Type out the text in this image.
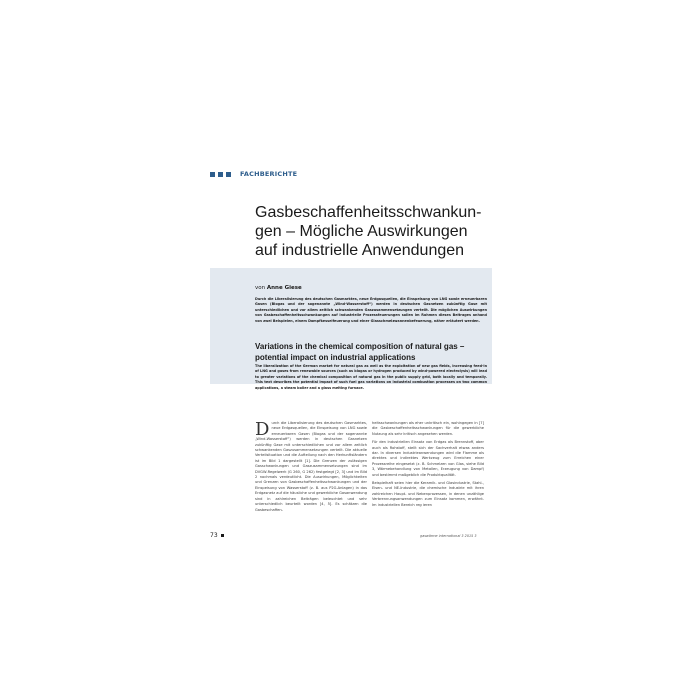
FACHBERICHTE
Gasbeschaffenheitsschwankun-
gen – Mögliche Auswirkungen
auf industrielle Anwendungen
von Anne Giese

Durch die Liberalisierung des deutschen Gasmarktes, neue Erdgasquellen, die Einspeisung von LNG sowie erneuerbaren Gasen (Biogas und der sogenannte „Wind-Wasserstoff“) werden in deutschen Gasnetzen zukünftig Gase mit unterschiedlichen und vor allem zeitlich schwankenden Gaszusammensetzungen verteilt. Die möglichen Auswirkungen von Gasbeschaffenheitsschwankungen auf industrielle Prozessfeuerungen sollen im Rahmen dieses Beitrages anhand von zwei Beispielen, einem Dampfkesselfeuerung und einer Glasschmelzwannenbefeuerung, näher erläutert werden.

Variations in the chemical composition of natural gas –
potential impact on industrial applications

The liberalization of the German market for natural gas as well as the exploitation of new gas fields, increasing feed-in of LNG and gases from renewable sources (such as biogas or hydrogen produced by wind-powered electrolysis) will lead to greater variations of the chemical composition of natural gas in the public supply grid, both locally and temporally. This text describes the potential impact of such fuel gas variations on industrial combustion processes on two common applications, a steam boiler and a glass melting furnace.

Durch die Liberalisierung des deutschen Gasmarktes, neue Erdgasquellen, die Einspeisung von LNG sowie erneuerbaren Gasen (Biogas und der sogenannte „Wind-Wasserstoff“) werden in deutschen Gasnetzen zukünftig Gase mit unterschiedlichen und vor allem zeitlich schwankenden Gaszusammensetzungen verteilt. Die aktuelle Verteilsituation und die Aufteilung nach den Herkunftsländern ist im Bild 1 dargestellt [1]. Die Grenzen der zulässigen Gasschwankungen und Gaszusammensetzungen sind im DVGW-Regelwerk (G 260, G 262) festgelegt [2, 3] und im Bild 2 nochmals verdeutlicht. Die Auswirkungen, Möglichkeiten und Grenzen von Gasbeschaffenheitsschwankungen und der Einspeisung von Wasserstoff (z. B. aus P2G-Anlagen) in das Erdgasnetz auf die häusliche und gewerbliche Gasanwendung sind in zahlreichen Beiträgen beleuchtet und sehr unterschiedlich beurteilt worden [4, 5]. Es schätzen die Gasbeschaffen-

heitsschwankungen als eher unkritisch ein, wohingegen in [7] die Gasbeschaffenheitsschwankungen für die gewerbliche Nutzung als sehr kritisch angesehen werden.

Für den industriellen Einsatz von Erdgas als Brennstoff, aber auch als Rohstoff, stellt sich der Sachverhalt etwas anders dar. In diversen Industrieanwendungen wird die Flamme als direktes und indirektes Werkzeug zum Erreichen einer Prozessreihe eingesetzt (z. B. Schmelzen von Glas, siehe Bild 3, Wärmebehandlung von Metallen, Erzeugung von Dampf) und bestimmt maßgeblich die Produktqualität.

Beispielhaft seien hier die Keramik- und Glasindustrie, Stahl-, Eisen- und NE-Industrie, die chemische Industrie mit ihren zahlreichen Haupt- und Nebenprozessen, in denen unzählige Verbrennungsanwendungen zum Einsatz kommen, erwähnt. Im industriellen Bereich reg ieren

73	gaswärme international 3 2015 3
